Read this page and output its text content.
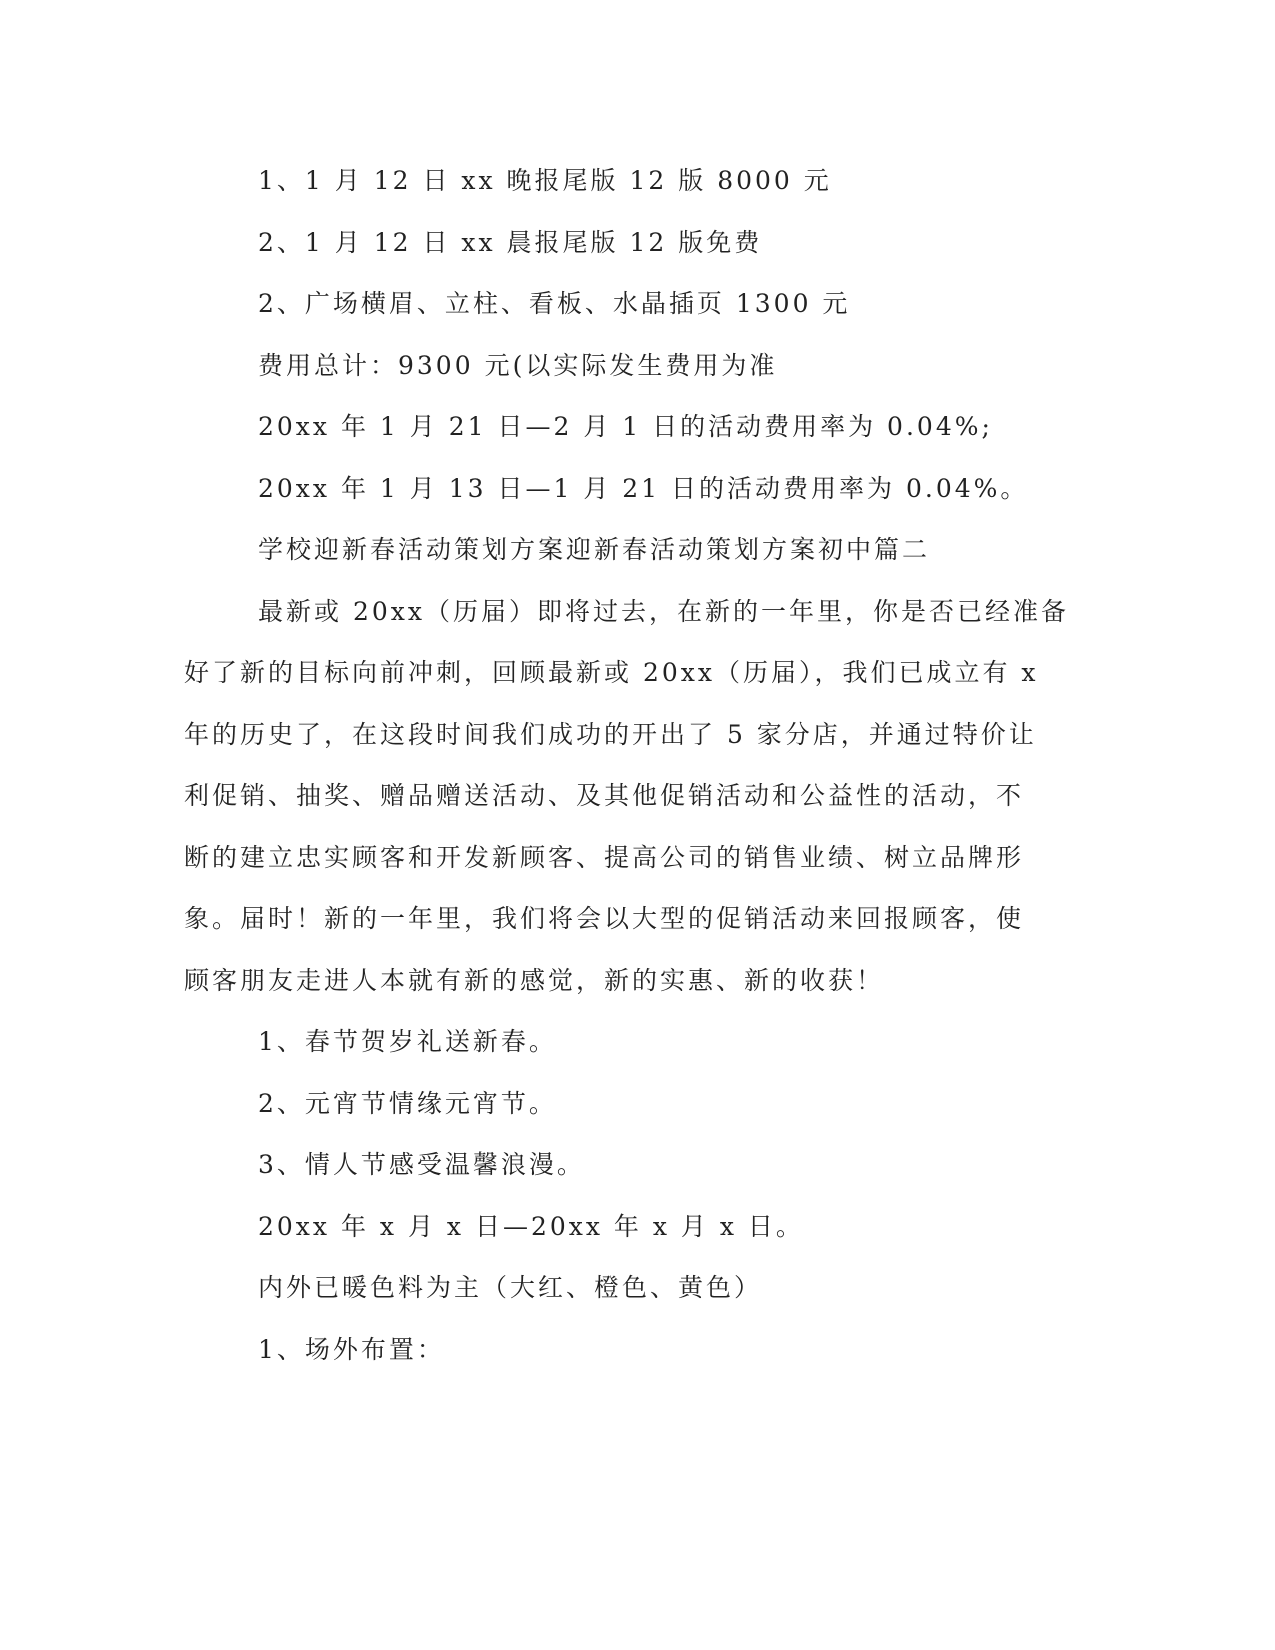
1、1 月 12 日 xx 晚报尾版 12 版 8000 元
2、1 月 12 日 xx 晨报尾版 12 版免费
2、广场横眉、立柱、看板、水晶插页 1300 元
费用总计：9300 元(以实际发生费用为准
20xx 年 1 月 21 日—2 月 1 日的活动费用率为 0.04%;
20xx 年 1 月 13 日—1 月 21 日的活动费用率为 0.04%。
学校迎新春活动策划方案迎新春活动策划方案初中篇二
最新或 20xx（历届）即将过去，在新的一年里，你是否已经准备
好了新的目标向前冲刺，回顾最新或 20xx（历届），我们已成立有 x
年的历史了，在这段时间我们成功的开出了 5 家分店，并通过特价让
利促销、抽奖、赠品赠送活动、及其他促销活动和公益性的活动，不
断的建立忠实顾客和开发新顾客、提高公司的销售业绩、树立品牌形
象。届时！新的一年里，我们将会以大型的促销活动来回报顾客，使
顾客朋友走进人本就有新的感觉，新的实惠、新的收获！
1、春节贺岁礼送新春。
2、元宵节情缘元宵节。
3、情人节感受温馨浪漫。
20xx 年 x 月 x 日—20xx 年 x 月 x 日。
内外已暖色料为主（大红、橙色、黄色）
1、场外布置：
